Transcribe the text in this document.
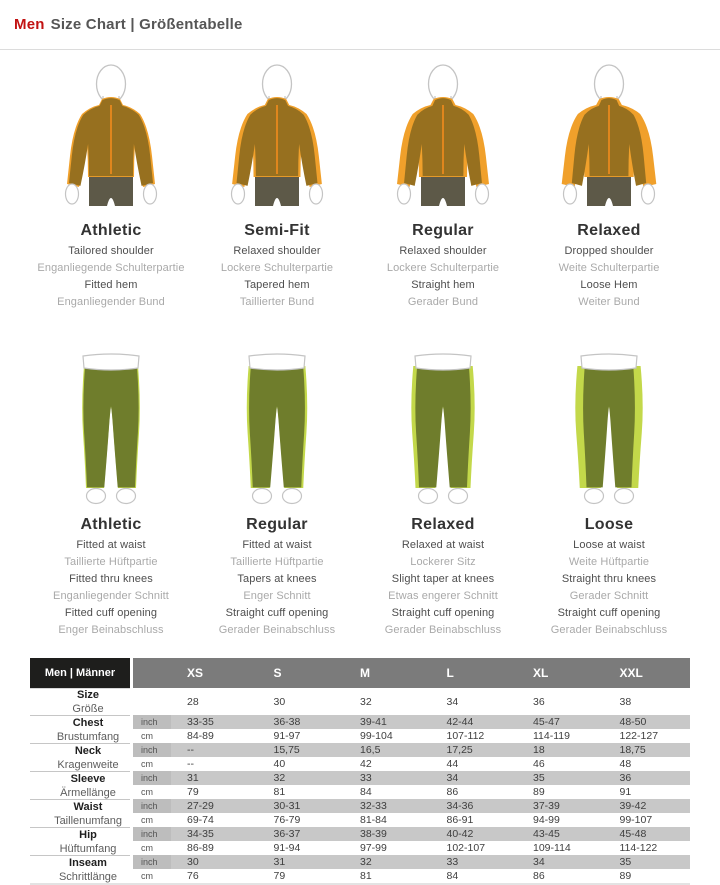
Men Size Chart | Größentabelle
Athletic
Tailored shoulder
Enganliegende Schulterpartie
Fitted hem
Enganliegender Bund
Semi-Fit
Relaxed shoulder
Lockere Schulterpartie
Tapered hem
Taillierter Bund
Regular
Relaxed shoulder
Lockere Schulterpartie
Straight hem
Gerader Bund
Relaxed
Dropped shoulder
Weite Schulterpartie
Loose Hem
Weiter Bund
Athletic
Fitted at waist
Taillierte Hüftpartie
Fitted thru knees
Enganliegender Schnitt
Fitted cuff opening
Enger Beinabschluss
Regular
Fitted at waist
Taillierte Hüftpartie
Tapers at knees
Enger Schnitt
Straight cuff opening
Gerader Beinabschluss
Relaxed
Relaxed at waist
Lockerer Sitz
Slight taper at knees
Etwas engerer Schnitt
Straight cuff opening
Gerader Beinabschluss
Loose
Loose at waist
Weite Hüftpartie
Straight thru knees
Gerader Schnitt
Straight cuff opening
Gerader Beinabschluss
Men | Männer	XS	S	M	L	XL	XXL
Size
Größe
28	30	32	34	36	38
Chest
Brustumfang
inch	33-35	36-38	39-41	42-44	45-47	48-50
cm	84-89	91-97	99-104	107-112	114-119	122-127
Neck
Kragenweite
inch	--	15,75	16,5	17,25	18	18,75
cm	--	40	42	44	46	48
Sleeve
Ärmellänge
inch	31	32	33	34	35	36
cm	79	81	84	86	89	91
Waist
Taillenumfang
inch	27-29	30-31	32-33	34-36	37-39	39-42
cm	69-74	76-79	81-84	86-91	94-99	99-107
Hip
Hüftumfang
inch	34-35	36-37	38-39	40-42	43-45	45-48
cm	86-89	91-94	97-99	102-107	109-114	114-122
Inseam
Schrittlänge
inch	30	31	32	33	34	35
cm	76	79	81	84	86	89
